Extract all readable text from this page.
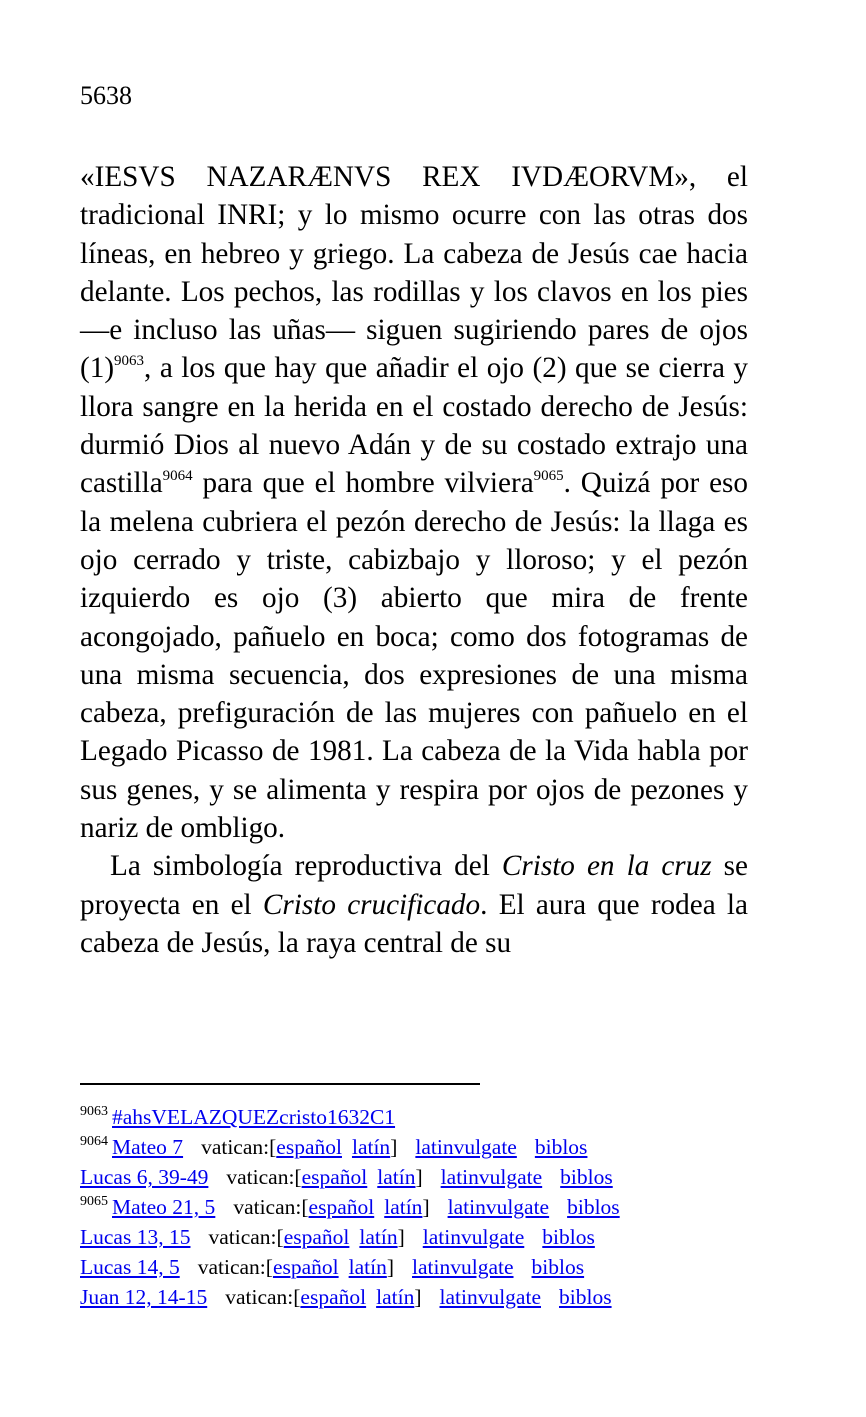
5638

«IESVS NAZARÆNVS REX IVDÆORVM», el tradicional INRI; y lo mismo ocurre con las otras dos líneas, en hebreo y griego. La cabeza de Jesús cae hacia delante. Los pechos, las rodillas y los clavos en los pies —e incluso las uñas— siguen sugiriendo pares de ojos $(1)^{9063}$, a los que hay que añadir el ojo (2) que se cierra y llora sangre en la herida en el costado derecho de Jesús: durmió Dios al nuevo Adán y de su costado extrajo una castilla$^{9064}$ para que el hombre vilviera$^{9065}$. Quizá por eso la melena cubriera el pezón derecho de Jesús: la llaga es ojo cerrado y triste, cabizbajo y lloroso; y el pezón izquierdo es ojo (3) abierto que mira de frente acongojado, pañuelo en boca; como dos fotogramas de una misma secuencia, dos expresiones de una misma cabeza, prefiguración de las mujeres con pañuelo en el Legado Picasso de 1981. La cabeza de la Vida habla por sus genes, y se alimenta y respira por ojos de pezones y nariz de ombligo.

La simbología reproductiva del Cristo en la cruz se proyecta en el Cristo crucificado. El aura que rodea la cabeza de Jesús, la raya central de su

$^{9063}$ #ahsVELAZQUEZcristo1632C1
$^{9064}$ Mateo 7 vatican:[español latín] latinvulgate biblos
Lucas 6, 39-49 vatican:[español latín] latinvulgate biblos
$^{9065}$ Mateo 21, 5 vatican:[español latín] latinvulgate biblos
Lucas 13, 15 vatican:[español latín] latinvulgate biblos
Lucas 14, 5 vatican:[español latín] latinvulgate biblos
Juan 12, 14-15 vatican:[español latín] latinvulgate biblos
